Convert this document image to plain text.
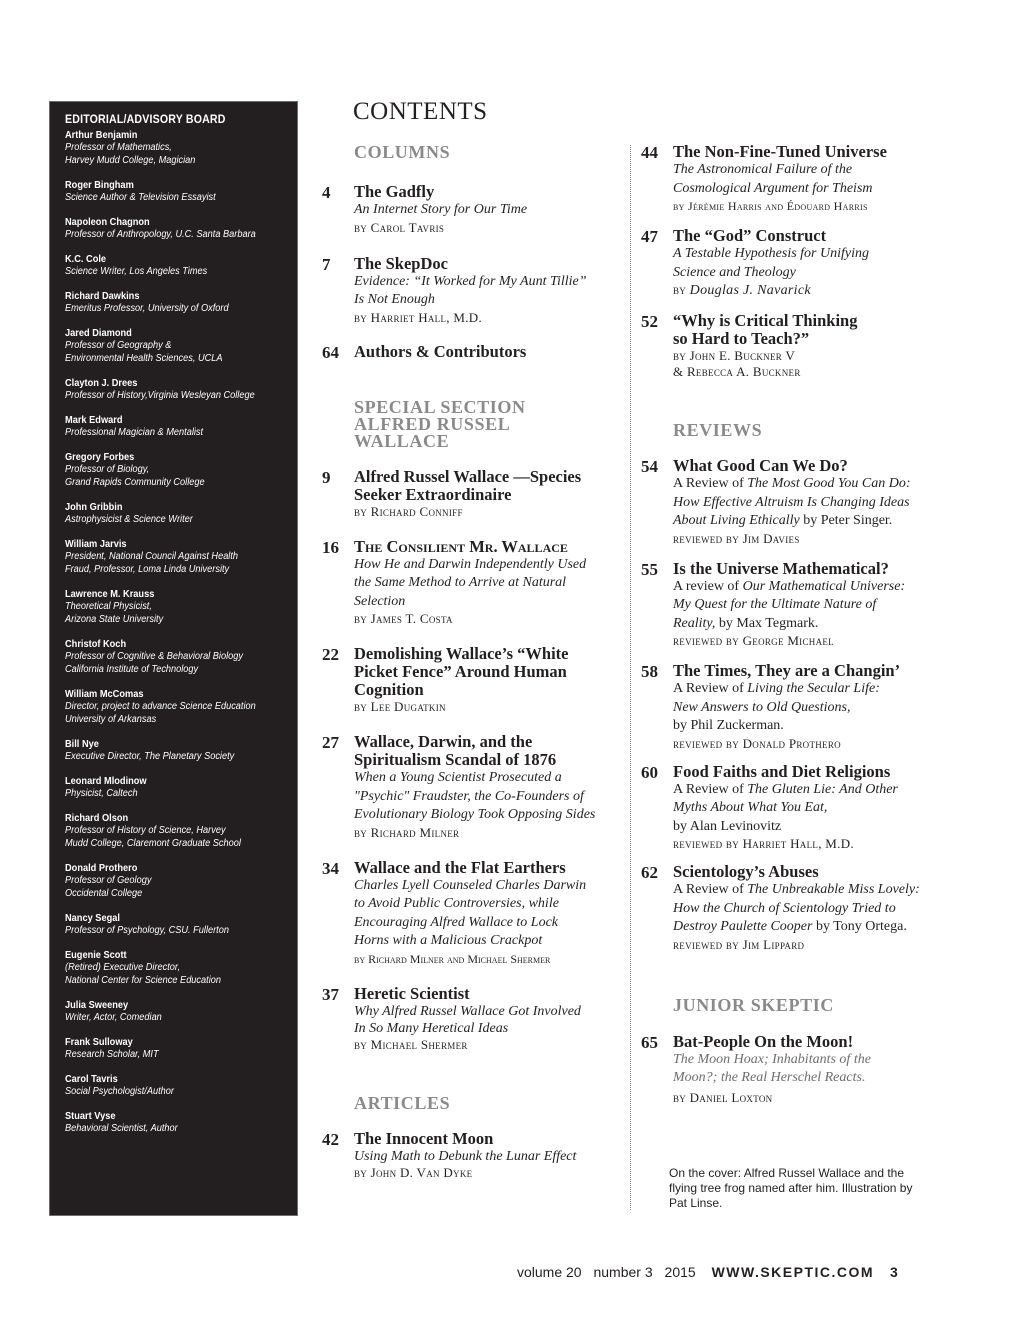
EDITORIAL/ADVISORY BOARD
Arthur Benjamin
Professor of Mathematics,
Harvey Mudd College, Magician
Roger Bingham
Science Author & Television Essayist
Napoleon Chagnon
Professor of Anthropology, U.C. Santa Barbara
K.C. Cole
Science Writer, Los Angeles Times
Richard Dawkins
Emeritus Professor, University of Oxford
Jared Diamond
Professor of Geography &
Environmental Health Sciences, UCLA
Clayton J. Drees
Professor of History,Virginia Wesleyan College
Mark Edward
Professional Magician & Mentalist
Gregory Forbes
Professor of Biology,
Grand Rapids Community College
John Gribbin
Astrophysicist & Science Writer
William Jarvis
President, National Council Against Health
Fraud, Professor, Loma Linda University
Lawrence M. Krauss
Theoretical Physicist,
Arizona State University
Christof Koch
Professor of Cognitive & Behavioral Biology
California Institute of Technology
William McComas
Director, project to advance Science Education
University of Arkansas
Bill Nye
Executive Director, The Planetary Society
Leonard Mlodinow
Physicist, Caltech
Richard Olson
Professor of History of Science, Harvey
Mudd College, Claremont Graduate School
Donald Prothero
Professor of Geology
Occidental College
Nancy Segal
Professor of Psychology, CSU. Fullerton
Eugenie Scott
(Retired) Executive Director,
National Center for Science Education
Julia Sweeney
Writer, Actor, Comedian
Frank Sulloway
Research Scholar, MIT
Carol Tavris
Social Psychologist/Author
Stuart Vyse
Behavioral Scientist, Author
CONTENTS
COLUMNS
4 The Gadfly
An Internet Story for Our Time
by Carol Tavris
7 The SkepDoc
Evidence: “It Worked for My Aunt Tillie”
Is Not Enough
by Harriet Hall, M.D.
64 Authors & Contributors
SPECIAL SECTION
ALFRED RUSSEL
WALLACE
9 Alfred Russel Wallace —Species
Seeker Extraordinaire
by Richard Conniff
16 The Consilient Mr. Wallace
How He and Darwin Independently Used
the Same Method to Arrive at Natural
Selection
by James T. Costa
22 Demolishing Wallace’s “White
Picket Fence” Around Human
Cognition
by Lee Dugatkin
27 Wallace, Darwin, and the
Spiritualism Scandal of 1876
When a Young Scientist Prosecuted a
"Psychic" Fraudster, the Co-Founders of
Evolutionary Biology Took Opposing Sides
by Richard Milner
34 Wallace and the Flat Earthers
Charles Lyell Counseled Charles Darwin
to Avoid Public Controversies, while
Encouraging Alfred Wallace to Lock
Horns with a Malicious Crackpot
by Richard Milner and Michael Shermer
37 Heretic Scientist
Why Alfred Russel Wallace Got Involved
In So Many Heretical Ideas
by Michael Shermer
ARTICLES
42 The Innocent Moon
Using Math to Debunk the Lunar Effect
by John D. Van Dyke
44 The Non-Fine-Tuned Universe
The Astronomical Failure of the
Cosmological Argument for Theism
by Jérémie Harris and Édouard Harris
47 The “God” Construct
A Testable Hypothesis for Unifying
Science and Theology
by Douglas J. Navarick
52 “Why is Critical Thinking
so Hard to Teach?”
by John E. Buckner V
& Rebecca A. Buckner
REVIEWS
54 What Good Can We Do?
A Review of The Most Good You Can Do:
How Effective Altruism Is Changing Ideas
About Living Ethically by Peter Singer.
reviewed by Jim Davies
55 Is the Universe Mathematical?
A review of Our Mathematical Universe:
My Quest for the Ultimate Nature of
Reality, by Max Tegmark.
reviewed by George Michael
58 The Times, They are a Changin’
A Review of Living the Secular Life:
New Answers to Old Questions,
by Phil Zuckerman.
reviewed by Donald Prothero
60 Food Faiths and Diet Religions
A Review of The Gluten Lie: And Other
Myths About What You Eat,
by Alan Levinovitz
reviewed by Harriet Hall, M.D.
62 Scientology’s Abuses
A Review of The Unbreakable Miss Lovely:
How the Church of Scientology Tried to
Destroy Paulette Cooper by Tony Ortega.
reviewed by Jim Lippard
JUNIOR SKEPTIC
65 Bat-People On the Moon!
The Moon Hoax; Inhabitants of the
Moon?; the Real Herschel Reacts.
by Daniel Loxton
On the cover: Alfred Russel Wallace and the flying tree frog named after him. Illustration by Pat Linse.
volume 20 number 3 2015 WWW.SKEPTIC.COM 3
